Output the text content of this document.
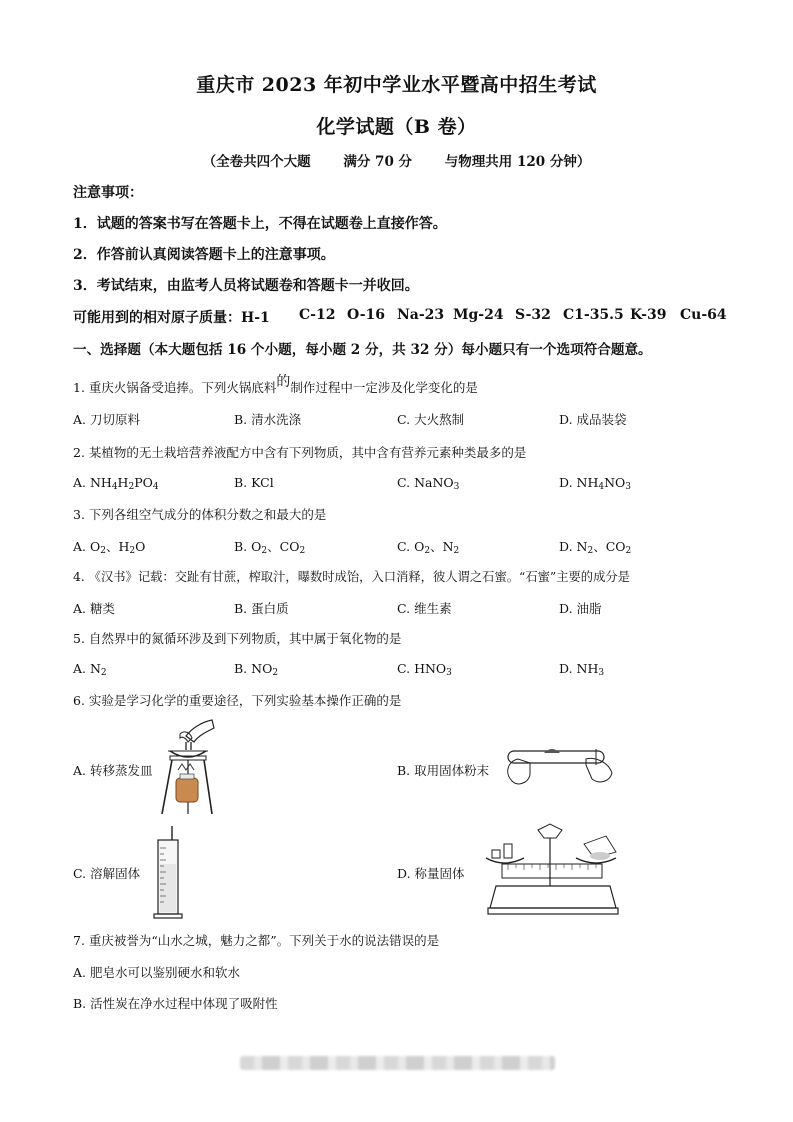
重庆市 2023 年初中学业水平暨高中招生考试
化学试题（B 卷）
（全卷共四个大题 满分 70 分 与物理共用 120 分钟）
注意事项：
1．试题的答案书写在答题卡上，不得在试题卷上直接作答。
2．作答前认真阅读答题卡上的注意事项。
3．考试结束，由监考人员将试题卷和答题卡一并收回。
可能用到的相对原子质量：H-1 C-12 O-16 Na-23 Mg-24 S-32 C1-35.5 K-39 Cu-64
一、选择题（本大题包括 16 个小题，每小题 2 分，共 32 分）每小题只有一个选项符合题意。
1. 重庆火锅备受追捧。下列火锅底料的制作过程中一定涉及化学变化的是
A. 刀切原料	B. 清水洗涤	C. 大火熬制	D. 成品装袋
2. 某植物的无土栽培营养液配方中含有下列物质，其中含有营养元素种类最多的是
A. $NH_4H_2PO_4$	B. KCl	C. NaNO$_3$	D. $NH_4NO_3$
3. 下列各组空气成分的体积分数之和最大的是
A. $O_2$、$H_2O$	B. $O_2$、$CO_2$	C. $O_2$、$N_2$	D. $N_2$、$CO_2$
4. 《汉书》记载：交趾有甘蔗，榨取汁，曝数时成饴，入口消释，彼人谓之石蜜。“石蜜”主要的成分是
A. 糖类	B. 蛋白质	C. 维生素	D. 油脂
5. 自然界中的氮循环涉及到下列物质，其中属于氧化物的是
A. $N_2$	B. $NO_2$	C. $HNO_3$	D. $NH_3$
6. 实验是学习化学的重要途径，下列实验基本操作正确的是
A. 转移蒸发皿	B. 取用固体粉末
C. 溶解固体	D. 称量固体
7. 重庆被誉为“山水之城，魅力之都”。下列关于水的说法错误的是
A. 肥皂水可以鉴别硬水和软水
B. 活性炭在净水过程中体现了吸附性
